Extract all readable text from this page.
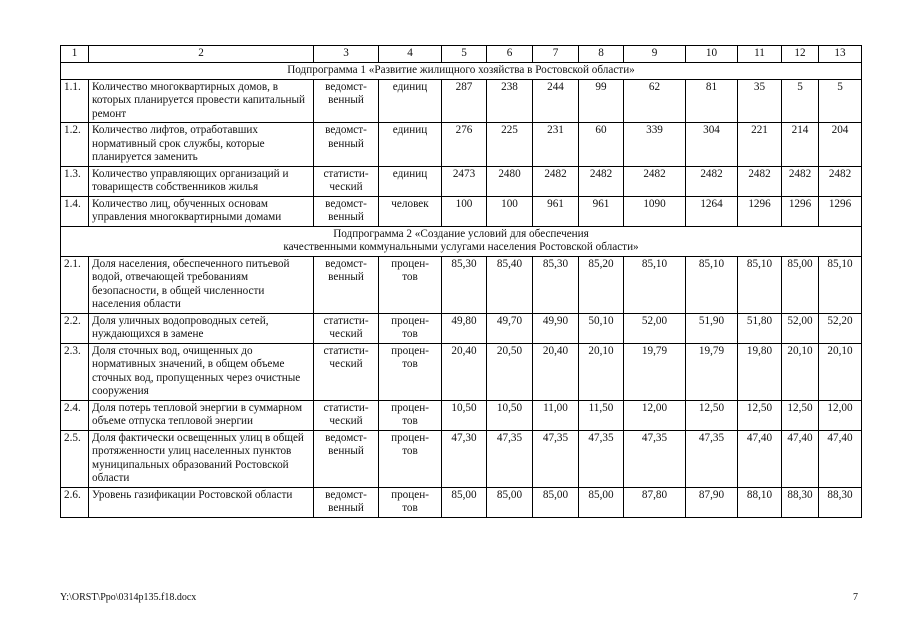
1	2	3	4	5	6	7	8	9	10	11	12	13
Подпрограмма 1 «Развитие жилищного хозяйства в Ростовской области»												
1.1.	Количество многоквартирных домов, в которых планируется провести капитальный ремонт	ведомст- венный	единиц	287	238	244	99	62	81	35	5	5
1.2.	Количество лифтов, отработавших нормативный срок службы, которые планируется заменить	ведомст- венный	единиц	276	225	231	60	339	304	221	214	204
1.3.	Количество управляющих организаций и товариществ собственников жилья	статисти- ческий	единиц	2473	2480	2482	2482	2482	2482	2482	2482	2482
1.4.	Количество лиц, обученных основам управления многоквартирными домами	ведомст- венный	человек	100	100	961	961	1090	1264	1296	1296	1296
Подпрограмма 2 «Создание условий для обеспечения
качественными коммунальными услугами населения Ростовской области»												
2.1.	Доля населения, обеспеченного питьевой водой, отвечающей требованиям безопасности, в общей численности населения области	ведомст- венный	процен- тов	85,30	85,40	85,30	85,20	85,10	85,10	85,10	85,00	85,10
2.2.	Доля уличных водопроводных сетей, нуждающихся в замене	статисти- ческий	процен- тов	49,80	49,70	49,90	50,10	52,00	51,90	51,80	52,00	52,20
2.3.	Доля сточных вод, очищенных до нормативных значений, в общем объеме сточных вод, пропущенных через очистные сооружения	статисти- ческий	процен- тов	20,40	20,50	20,40	20,10	19,79	19,79	19,80	20,10	20,10
2.4.	Доля потерь тепловой энергии в суммарном объеме отпуска тепловой энергии	статисти- ческий	процен- тов	10,50	10,50	11,00	11,50	12,00	12,50	12,50	12,50	12,00
2.5.	Доля фактически освещенных улиц в общей протяженности улиц населенных пунктов муниципальных образований Ростовской области	ведомст- венный	процен- тов	47,30	47,35	47,35	47,35	47,35	47,35	47,40	47,40	47,40
2.6.	Уровень газификации Ростовской области	ведомст- венный	процен- тов	85,00	85,00	85,00	85,00	87,80	87,90	88,10	88,30	88,30
Y:\ORST\Ppo\0314p135.f18.docx	7
